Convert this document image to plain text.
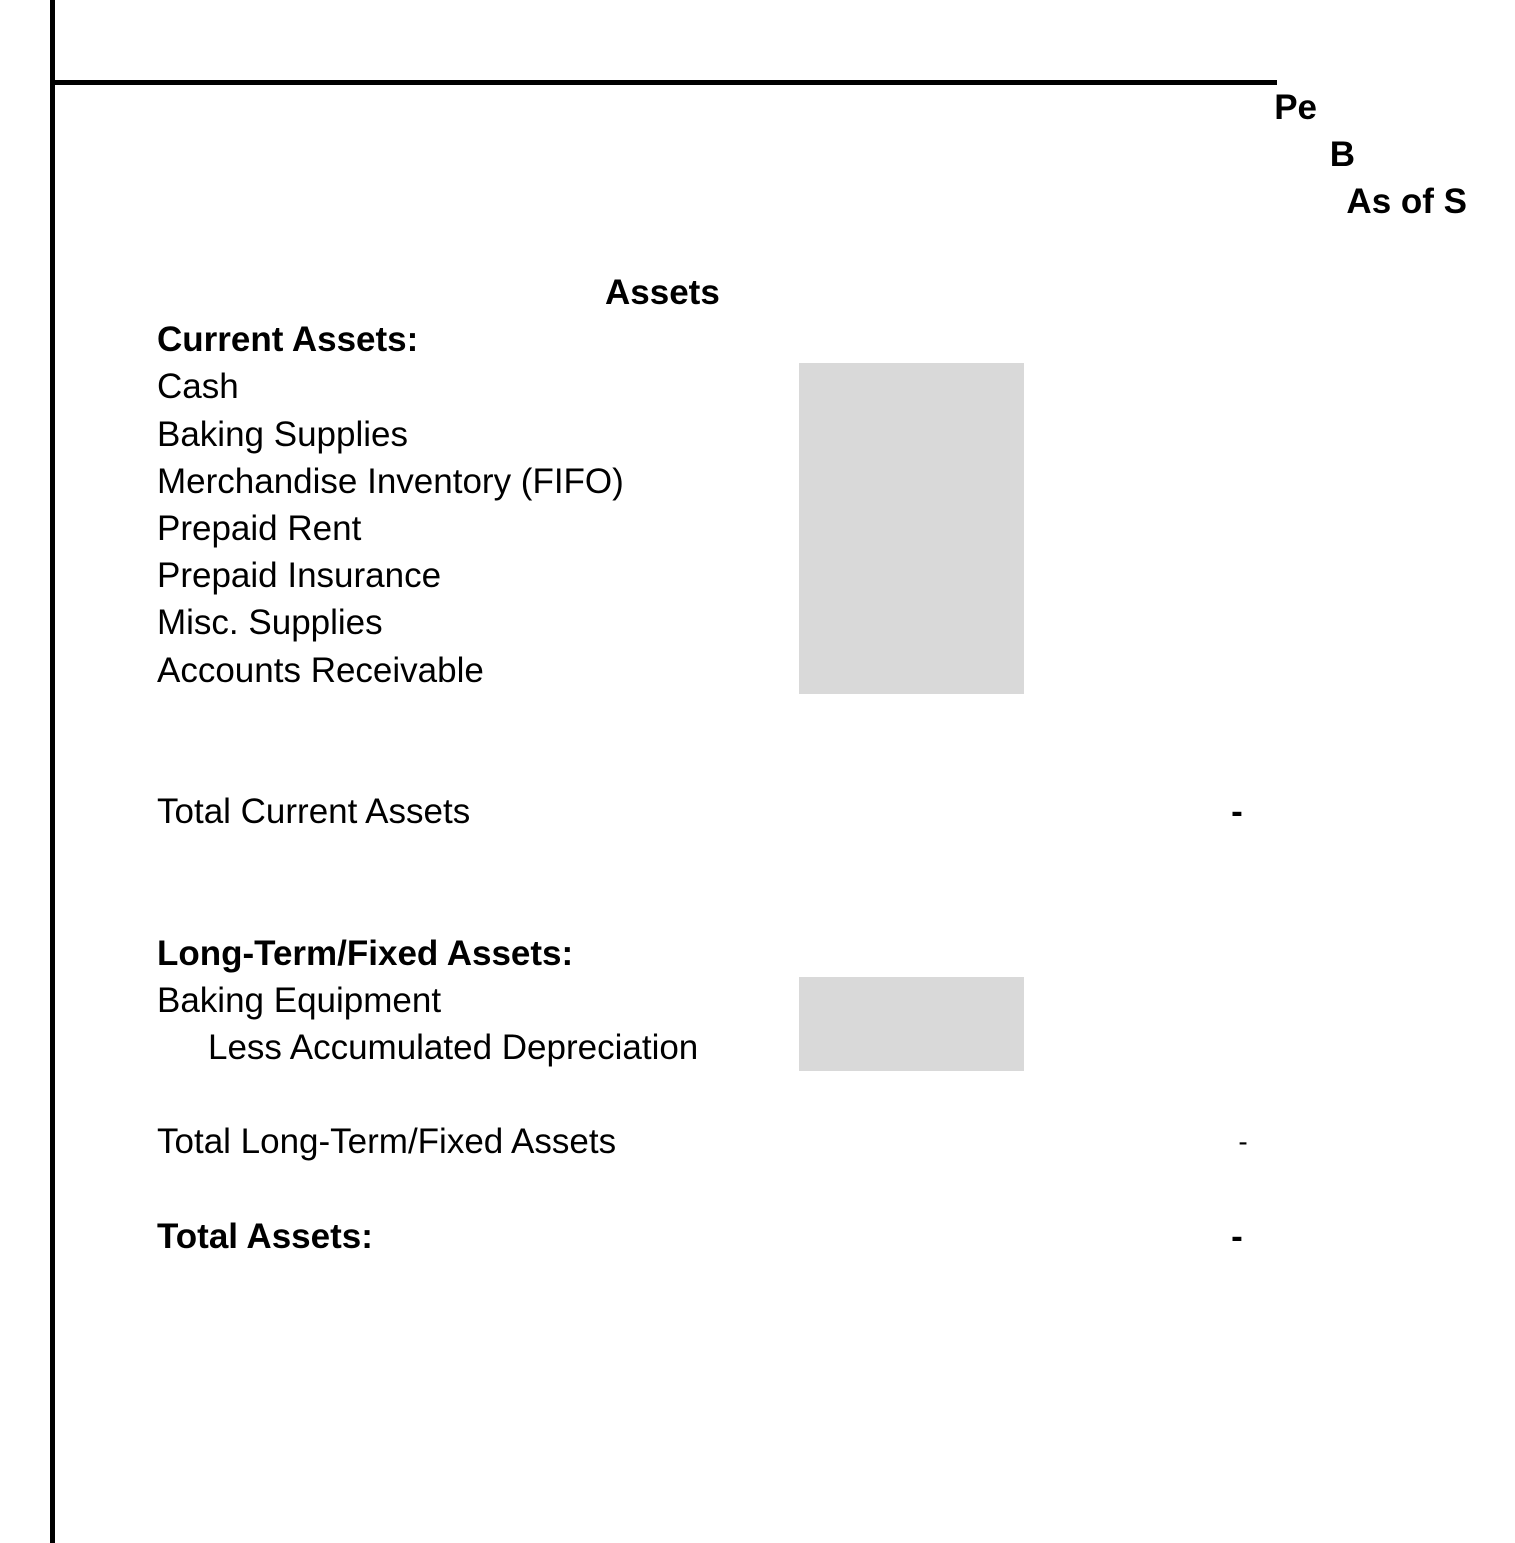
Pe
B
As of S
Assets
Current Assets:
Cash
Baking Supplies
Merchandise Inventory (FIFO)
Prepaid Rent
Prepaid Insurance
Misc. Supplies
Accounts Receivable
Total Current Assets	-
Long-Term/Fixed Assets:
Baking Equipment
Less Accumulated Depreciation
Total Long-Term/Fixed Assets	-
Total Assets:	-
